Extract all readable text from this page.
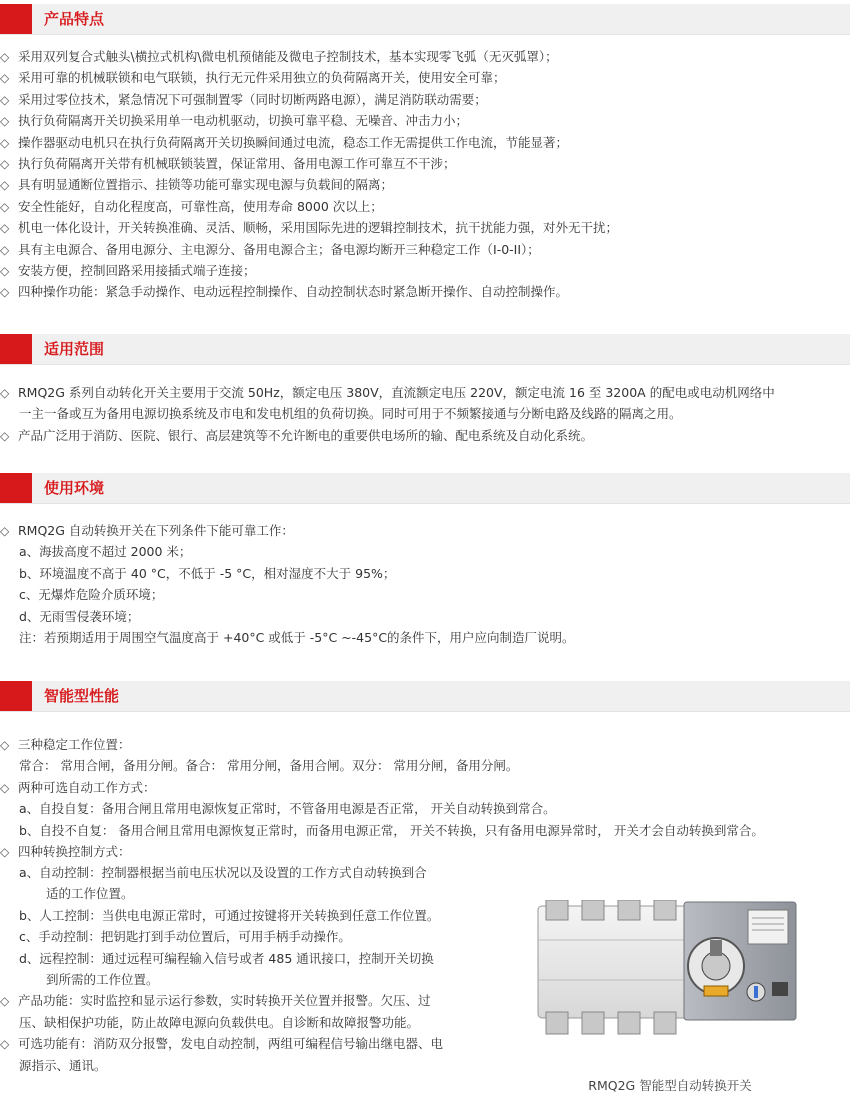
产品特点
◇ 采用双列复合式触头\横拉式机构\微电机预储能及微电子控制技术，基本实现零飞弧（无灭弧罩）；
◇ 采用可靠的机械联锁和电气联锁，执行无元件采用独立的负荷隔离开关，使用安全可靠；
◇ 采用过零位技术，紧急情况下可强制置零（同时切断两路电源），满足消防联动需要；
◇ 执行负荷隔离开关切换采用单一电动机驱动，切换可靠平稳、无噪音、冲击力小；
◇ 操作器驱动电机只在执行负荷隔离开关切换瞬间通过电流，稳态工作无需提供工作电流，节能显著；
◇ 执行负荷隔离开关带有机械联锁装置，保证常用、备用电源工作可靠互不干涉；
◇ 具有明显通断位置指示、挂锁等功能可靠实现电源与负载间的隔离；
◇ 安全性能好，自动化程度高，可靠性高，使用寿命 8000 次以上；
◇ 机电一体化设计，开关转换准确、灵活、顺畅，采用国际先进的逻辑控制技术，抗干扰能力强，对外无干扰；
◇ 具有主电源合、备用电源分、主电源分、备用电源合主；备电源均断开三种稳定工作（I-0-II）；
◇ 安装方便，控制回路采用接插式端子连接；
◇ 四种操作功能：紧急手动操作、电动远程控制操作、自动控制状态时紧急断开操作、自动控制操作。
适用范围
◇ RMQ2G 系列自动转化开关主要用于交流 50Hz，额定电压 380V，直流额定电压 220V，额定电流 16 至 3200A 的配电或电动机网络中
一主一备或互为备用电源切换系统及市电和发电机组的负荷切换。同时可用于不频繁接通与分断电路及线路的隔离之用。
◇ 产品广泛用于消防、医院、银行、高层建筑等不允许断电的重要供电场所的输、配电系统及自动化系统。
使用环境
◇ RMQ2G 自动转换开关在下列条件下能可靠工作：
a、海拔高度不超过 2000 米；
b、环境温度不高于 40 °C，不低于 -5 °C，相对湿度不大于 95%；
c、无爆炸危险介质环境；
d、无雨雪侵袭环境；
注：若预期适用于周围空气温度高于 +40°C 或低于 -5°C ~-45°C的条件下，用户应向制造厂说明。
智能型性能
◇ 三种稳定工作位置：
常合： 常用合闸，备用分闸。备合： 常用分闸，备用合闸。双分： 常用分闸，备用分闸。
◇ 两种可选自动工作方式：
a、自投自复：备用合闸且常用电源恢复正常时，不管备用电源是否正常， 开关自动转换到常合。
b、自投不自复： 备用合闸且常用电源恢复正常时，而备用电源正常， 开关不转换，只有备用电源异常时， 开关才会自动转换到常合。
◇ 四种转换控制方式：
a、自动控制：控制器根据当前电压状况以及设置的工作方式自动转换到合
适的工作位置。
b、人工控制：当供电电源正常时，可通过按键将开关转换到任意工作位置。
c、手动控制：把钥匙打到手动位置后，可用手柄手动操作。
d、远程控制：通过远程可编程输入信号或者 485 通讯接口，控制开关切换
到所需的工作位置。
◇ 产品功能：实时监控和显示运行参数，实时转换开关位置并报警。欠压、过
压、缺相保护功能，防止故障电源向负载供电。自诊断和故障报警功能。
◇ 可选功能有：消防双分报警，发电自动控制，两组可编程信号输出继电器、电
源指示、通讯。
RMQ2G 智能型自动转换开关
